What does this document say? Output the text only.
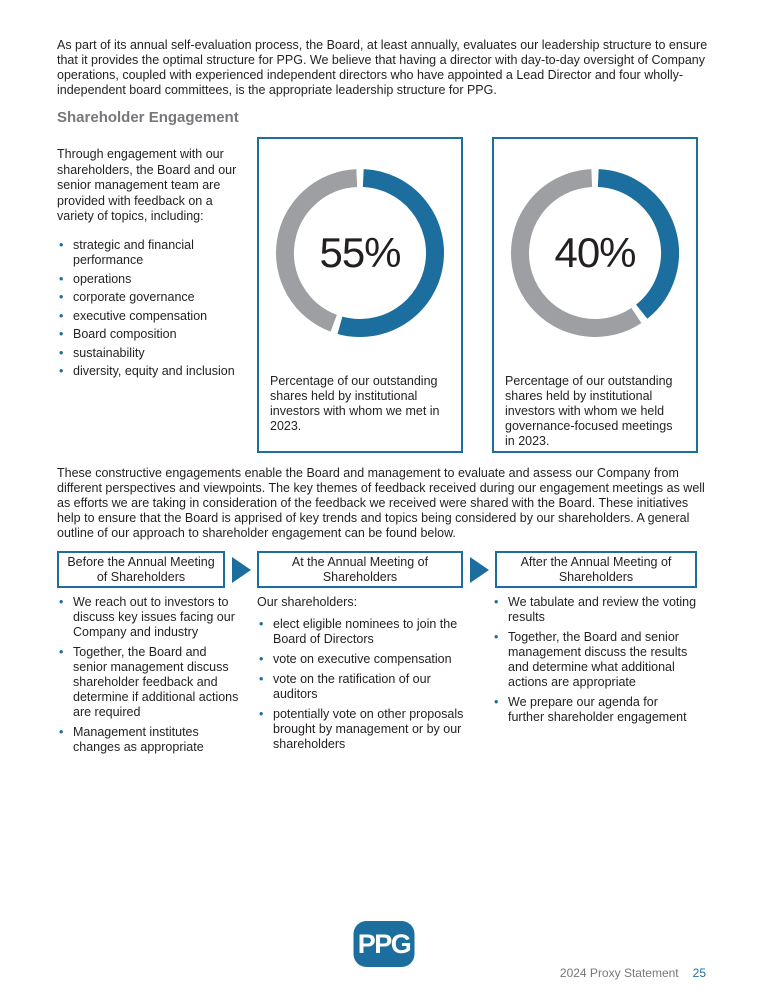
As part of its annual self-evaluation process, the Board, at least annually, evaluates our leadership structure to ensure that it provides the optimal structure for PPG. We believe that having a director with day-to-day oversight of Company operations, coupled with experienced independent directors who have appointed a Lead Director and four wholly-independent board committees, is the appropriate leadership structure for PPG.

Shareholder Engagement

Through engagement with our shareholders, the Board and our senior management team are provided with feedback on a variety of topics, including:

• strategic and financial performance
• operations
• corporate governance
• executive compensation
• Board composition
• sustainability
• diversity, equity and inclusion
55%

Percentage of our outstanding shares held by institutional investors with whom we met in 2023.

40%

Percentage of our outstanding shares held by institutional investors with whom we held governance-focused meetings in 2023.

These constructive engagements enable the Board and management to evaluate and assess our Company from different perspectives and viewpoints. The key themes of feedback received during our engagement meetings as well as efforts we are taking in consideration of the feedback we received were shared with the Board. These initiatives help to ensure that the Board is apprised of key trends and topics being considered by our shareholders. A general outline of our approach to shareholder engagement can be found below.

Before the Annual Meeting of Shareholders
At the Annual Meeting of Shareholders
After the Annual Meeting of Shareholders
• We reach out to investors to discuss key issues facing our Company and industry
• Together, the Board and senior management discuss shareholder feedback and determine if additional actions are required
• Management institutes changes as appropriate

Our shareholders:

• elect eligible nominees to join the Board of Directors
• vote on executive compensation
• vote on the ratification of our auditors
• potentially vote on other proposals brought by management or by our shareholders
• We tabulate and review the voting results
• Together, the Board and senior management discuss the results and determine what additional actions are appropriate
• We prepare our agenda for further shareholder engagement
PPG
2024 Proxy Statement 25
